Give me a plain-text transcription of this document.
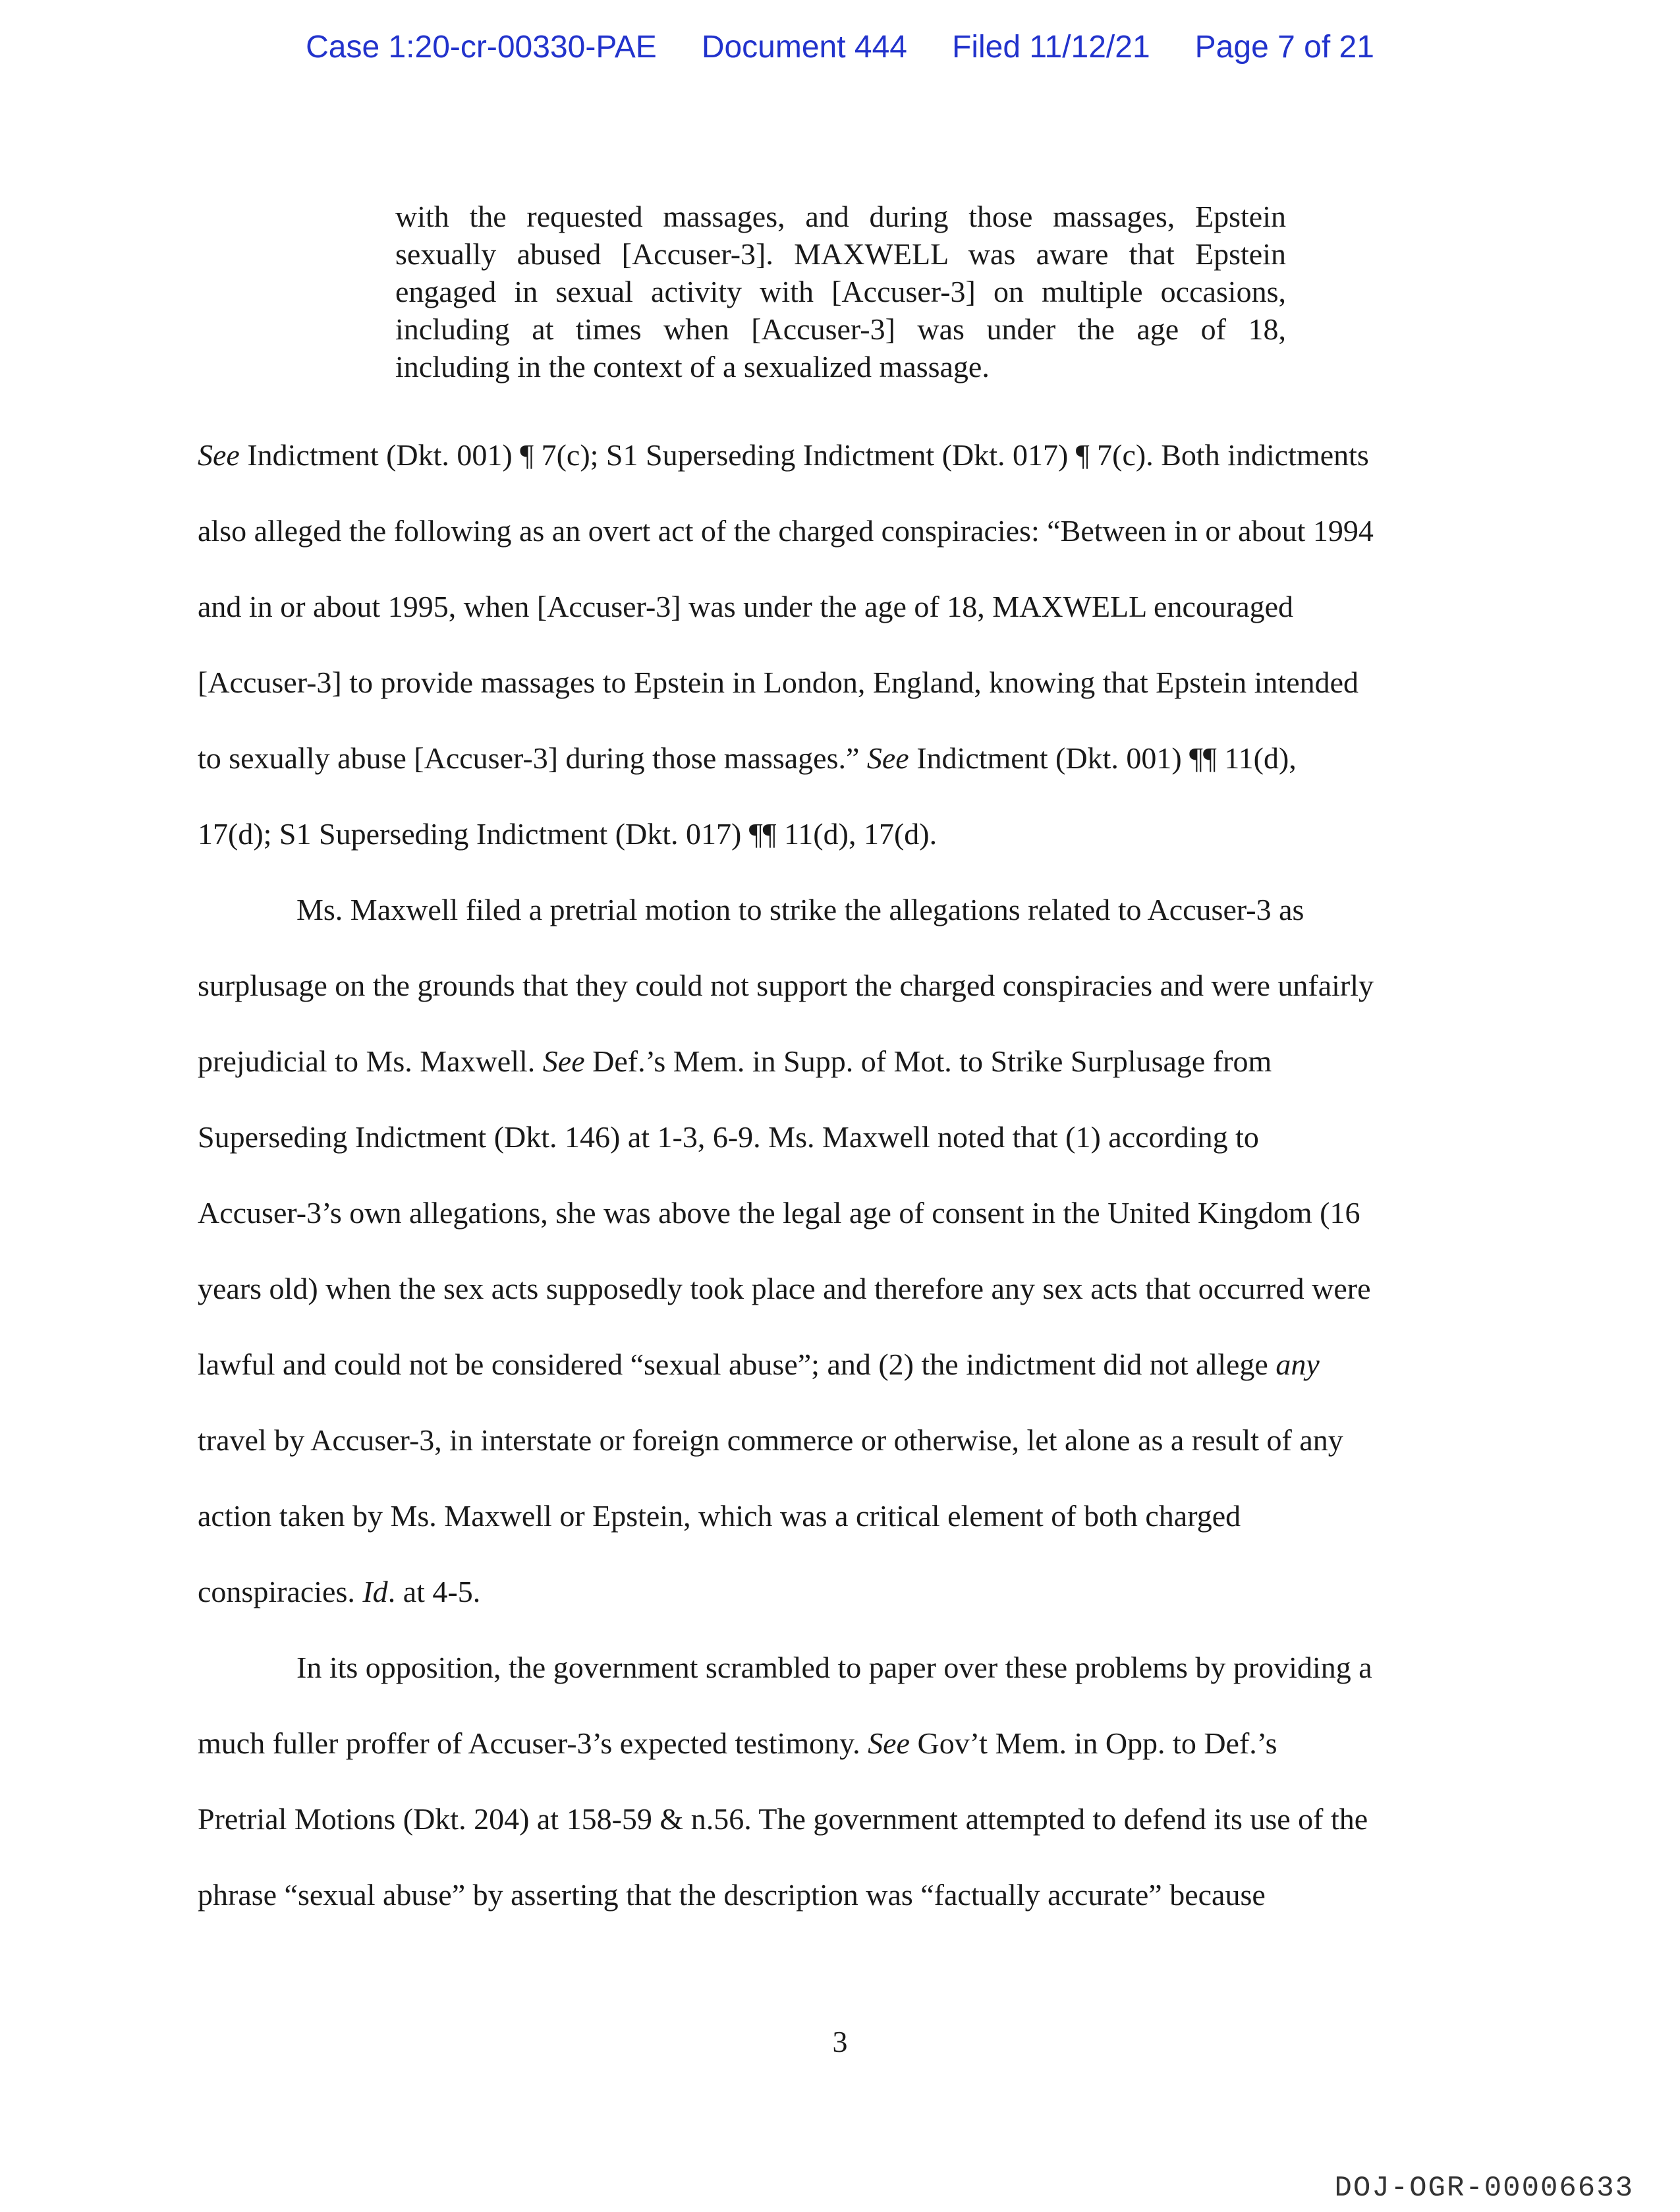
Case 1:20-cr-00330-PAE Document 444 Filed 11/12/21 Page 7 of 21
with the requested massages, and during those massages, Epstein
sexually abused [Accuser-3]. MAXWELL was aware that Epstein
engaged in sexual activity with [Accuser-3] on multiple occasions,
including at times when [Accuser-3] was under the age of 18,
including in the context of a sexualized massage.
See Indictment (Dkt. 001) ¶ 7(c); S1 Superseding Indictment (Dkt. 017) ¶ 7(c). Both indictments
also alleged the following as an overt act of the charged conspiracies: “Between in or about 1994
and in or about 1995, when [Accuser-3] was under the age of 18, MAXWELL encouraged
[Accuser-3] to provide massages to Epstein in London, England, knowing that Epstein intended
to sexually abuse [Accuser-3] during those massages.” See Indictment (Dkt. 001) ¶¶ 11(d),
17(d); S1 Superseding Indictment (Dkt. 017) ¶¶ 11(d), 17(d).
Ms. Maxwell filed a pretrial motion to strike the allegations related to Accuser-3 as
surplusage on the grounds that they could not support the charged conspiracies and were unfairly
prejudicial to Ms. Maxwell. See Def.’s Mem. in Supp. of Mot. to Strike Surplusage from
Superseding Indictment (Dkt. 146) at 1-3, 6-9. Ms. Maxwell noted that (1) according to
Accuser-3’s own allegations, she was above the legal age of consent in the United Kingdom (16
years old) when the sex acts supposedly took place and therefore any sex acts that occurred were
lawful and could not be considered “sexual abuse”; and (2) the indictment did not allege any
travel by Accuser-3, in interstate or foreign commerce or otherwise, let alone as a result of any
action taken by Ms. Maxwell or Epstein, which was a critical element of both charged
conspiracies. Id. at 4-5.
In its opposition, the government scrambled to paper over these problems by providing a
much fuller proffer of Accuser-3’s expected testimony. See Gov’t Mem. in Opp. to Def.’s
Pretrial Motions (Dkt. 204) at 158-59 & n.56. The government attempted to defend its use of the
phrase “sexual abuse” by asserting that the description was “factually accurate” because
3
DOJ-OGR-00006633
